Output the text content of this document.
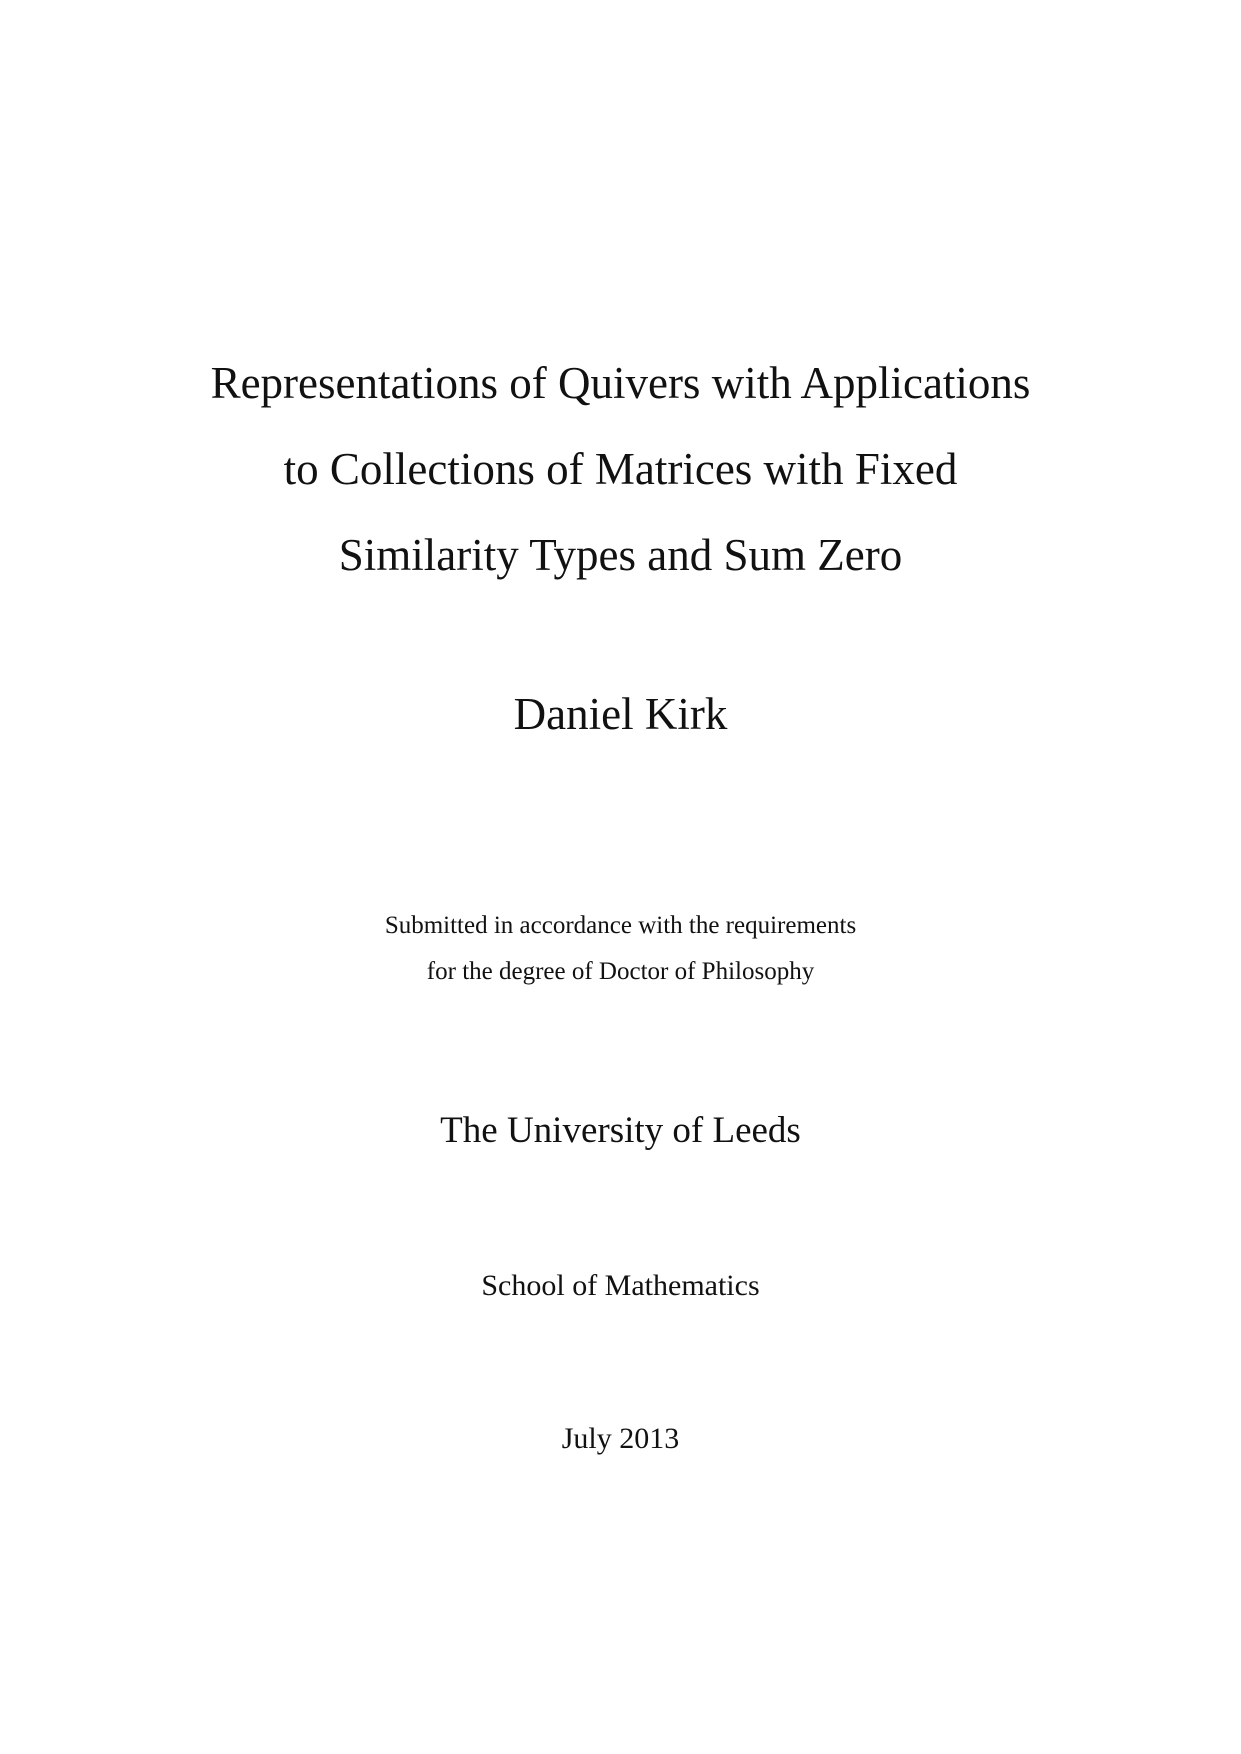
Representations of Quivers with Applications
to Collections of Matrices with Fixed
Similarity Types and Sum Zero
Daniel Kirk
Submitted in accordance with the requirements
for the degree of Doctor of Philosophy
The University of Leeds
School of Mathematics
July 2013
